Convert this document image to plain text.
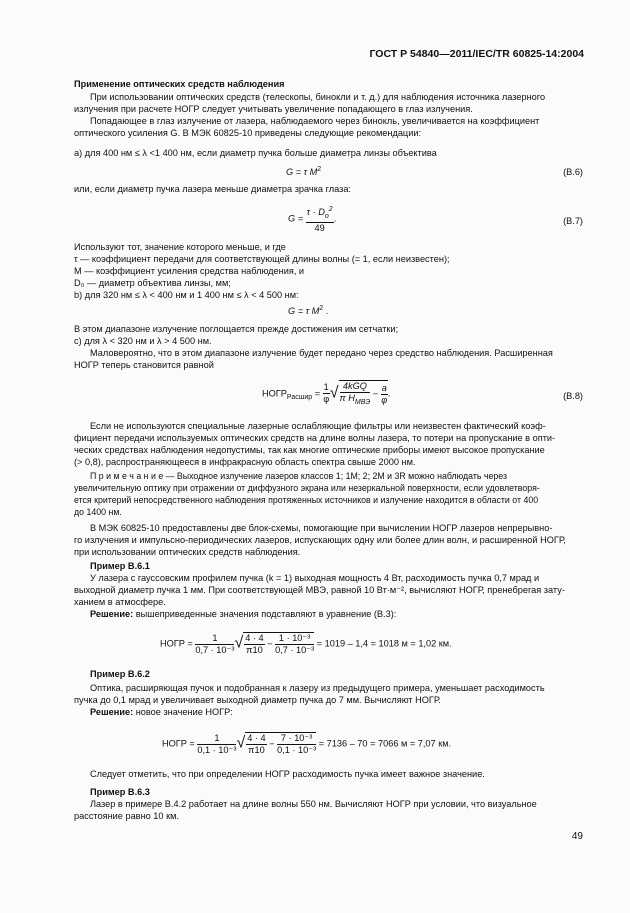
ГОСТ Р 54840—2011/IEC/TR 60825-14:2004
Применение оптических средств наблюдения
При использовании оптических средств (телескопы, бинокли и т. д.) для наблюдения источника лазерного
излучения при расчете НОГР следует учитывать увеличение попадающего в глаз излучения.
Попадающее в глаз излучение от лазера, наблюдаемого через бинокль, увеличивается на коэффициент
оптического усиления G. В МЭК 60825-10 приведены следующие рекомендации:
а) для 400 нм ≤ λ <1 400 нм, если диаметр пучка больше диаметра линзы объектива
G = τ $M^2$	(В.6)
или, если диаметр пучка лазера меньше диаметра зрачка глаза:
$G = \frac{\tau \cdot D_o^2}{49}$ .	(В.7)
Используют тот, значение которого меньше, и где
τ — коэффициент передачи для соответствующей длины волны (= 1, если неизвестен);
M — коэффициент усиления средства наблюдения, и
D₀ — диаметр объектива линзы, мм;
b) для 320 нм ≤ λ < 400 нм и 1 400 нм ≤ λ < 4 500 нм:
G = τ $M^2$ .
В этом диапазоне излучение поглощается прежде достижения им сетчатки;
c) для λ < 320 нм и λ > 4 500 нм.
Маловероятно, что в этом диапазоне излучение будет передано через средство наблюдения. Расширенная
НОГР теперь становится равной
$НОГР_{Расшир} = \frac{1}{\varphi}$ √ $\frac{\text{4kGQ}}{\pi H_{МВЭ}} - \frac{a}{\varphi}$ .	(В.8)
Если не используются специальные лазерные ослабляющие фильтры или неизвестен фактический коэф-
фициент передачи используемых оптических средств на длине волны лазера, то потери на пропускание в опти-
ческих средствах наблюдения недопустимы, так как многие оптические приборы имеют высокое пропускание
(> 0,8), распространяющееся в инфракрасную область спектра свыше 2000 нм.
П р и м е ч а н и е — Выходное излучение лазеров классов 1; 1М; 2; 2М и 3R можно наблюдать через
увеличительную оптику при отражении от диффузного экрана или незеркальной поверхности, если удовлетворя-
ется критерий непосредственного наблюдения протяженных источников и излучение находится в области от 400
до 1400 нм.
В МЭК 60825-10 предоставлены две блок-схемы, помогающие при вычислении НОГР лазеров непрерывно-
го излучения и импульсно-периодических лазеров, испускающих одну или более длин волн, и расширенной НОГР,
при использовании оптических средств наблюдения.
Пример В.6.1
У лазера с гауссовским профилем пучка (k = 1) выходная мощность 4 Вт, расходимость пучка 0,7 мрад и
выходной диаметр пучка 1 мм. При соответствующей МВЭ, равной 10 Вт·м⁻², вычисляют НОГР, пренебрегая зату-
ханием в атмосфере.
Решение: вышеприведенные значения подставляют в уравнение (В.3):
НОГР = $\frac{1}{\text{0,7 · 10⁻³}}$ √ $\frac{4 \cdot 4}{\pi 10} - \frac{\text{1 · 10⁻³}}{\text{0,7 · 10⁻³}} = 1019 - 1,4 = 1018$ м = 1,02 км.
Пример В.6.2
Оптика, расширяющая пучок и подобранная к лазеру из предыдущего примера, уменьшает расходимость
пучка до 0,1 мрад и увеличивает выходной диаметр пучка до 7 мм. Вычисляют НОГР.
Решение: новое значение НОГР:
НОГР = $\frac{1}{\text{0,1 · 10⁻³}}$ √ $\frac{4 \cdot 4}{\pi 10} - \frac{\text{7 · 10⁻³}}{\text{0,1 · 10⁻³}} = 7136 - 70 = 7066$ м = 7,07 км.
Следует отметить, что при определении НОГР расходимость пучка имеет важное значение.
Пример В.6.3
Лазер в примере В.4.2 работает на длине волны 550 нм. Вычисляют НОГР при условии, что визуальное
расстояние равно 10 км.
49
